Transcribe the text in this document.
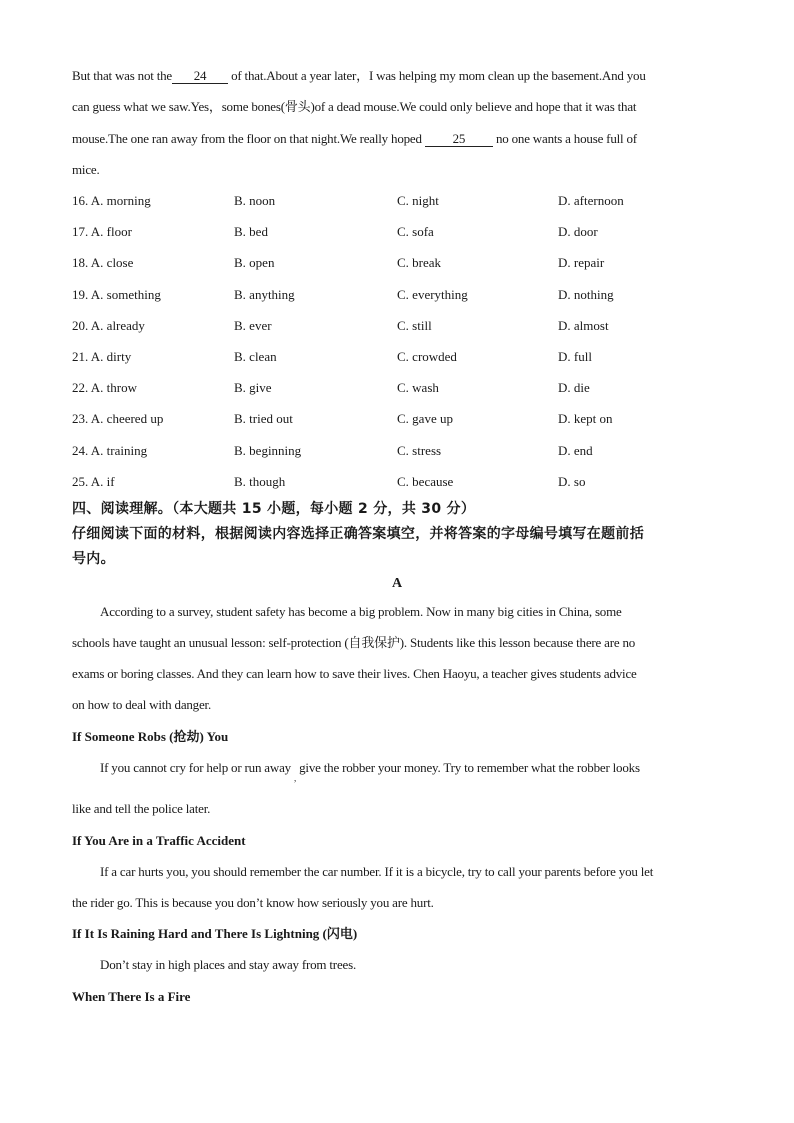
But that was not the 24 of that.About a year later，I was helping my mom clean up the basement.And you
can guess what we saw.Yes，some bones(骨头)of a dead mouse.We could only believe and hope that it was that
mouse.The one ran away from the floor on that night.We really hoped 25 no one wants a house full of
mice.
16. A. morning	B. noon	C. night	D. afternoon
17. A. floor	B. bed	C. sofa	D. door
18. A. close	B. open	C. break	D. repair
19. A. something	B. anything	C. everything	D. nothing
20. A. already	B. ever	C. still	D. almost
21. A. dirty	B. clean	C. crowded	D. full
22. A. throw	B. give	C. wash	D. die
23. A. cheered up	B. tried out	C. gave up	D. kept on
24. A. training	B. beginning	C. stress	D. end
25. A. if	B. though	C. because	D. so
四、阅读理解。（本大题共 15 小题，每小题 2 分，共 30 分）
仔细阅读下面的材料，根据阅读内容选择正确答案填空，并将答案的字母编号填写在题前括
号内。
A
According to a survey, student safety has become a big problem. Now in many big cities in China, some
schools have taught an unusual lesson: self-protection (自我保护). Students like this lesson because there are no
exams or boring classes. And they can learn how to save their lives. Chen Haoyu, a teacher gives students advice
on how to deal with danger.
If Someone Robs (抢劫) You
If you cannot cry for help or run away $_,$ give the robber your money. Try to remember what the robber looks
like and tell the police later.
If You Are in a Traffic Accident
If a car hurts you, you should remember the car number. If it is a bicycle, try to call your parents before you let
the rider go. This is because you don’t know how seriously you are hurt.
If It Is Raining Hard and There Is Lightning (闪电)
Don’t stay in high places and stay away from trees.
When There Is a Fire
